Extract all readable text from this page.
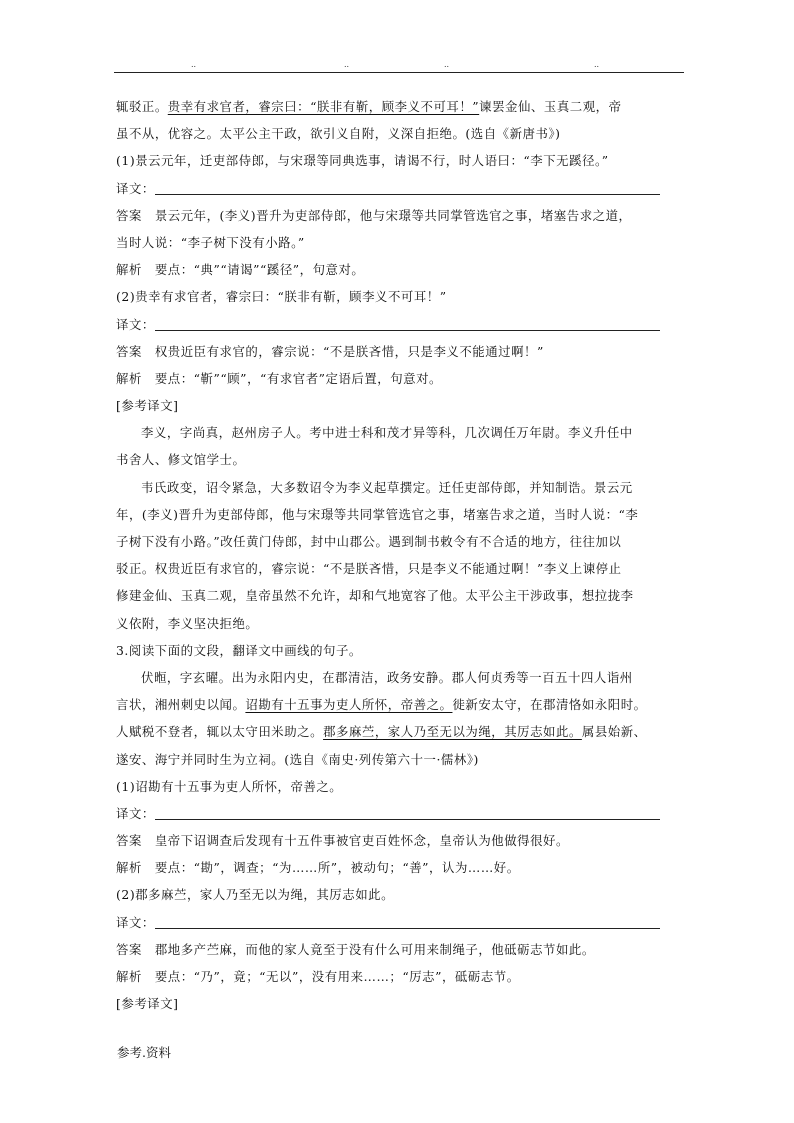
..	..	..	..
辄驳正。贵幸有求官者，睿宗曰：“朕非有靳，顾李义不可耳！”谏罢金仙、玉真二观，帝
虽不从，优容之。太平公主干政，欲引义自附，义深自拒绝。(选自《新唐书》)
(1)景云元年，迁吏部侍郎，与宋璟等同典选事，请谒不行，时人语曰：“李下无蹊径。”
译文：
答案　景云元年，(李义)晋升为吏部侍郎，他与宋璟等共同掌管选官之事，堵塞告求之道，
当时人说：“李子树下没有小路。”
解析　要点：“典”“请谒”“蹊径”，句意对。
(2)贵幸有求官者，睿宗曰：“朕非有靳，顾李义不可耳！”
译文：
答案　权贵近臣有求官的，睿宗说：“不是朕吝惜，只是李义不能通过啊！”
解析　要点：“靳”“顾”，“有求官者”定语后置，句意对。
[参考译文]
李义，字尚真，赵州房子人。考中进士科和茂才异等科，几次调任万年尉。李义升任中
书舍人、修文馆学士。
韦氏政变，诏令紧急，大多数诏令为李义起草撰定。迁任吏部侍郎，并知制诰。景云元
年，(李义)晋升为吏部侍郎，他与宋璟等共同掌管选官之事，堵塞告求之道，当时人说：“李
子树下没有小路。”改任黄门侍郎，封中山郡公。遇到制书敕令有不合适的地方，往往加以
驳正。权贵近臣有求官的，睿宗说：“不是朕吝惜，只是李义不能通过啊！”李义上谏停止
修建金仙、玉真二观，皇帝虽然不允许，却和气地宽容了他。太平公主干涉政事，想拉拢李
义依附，李义坚决拒绝。
3.阅读下面的文段，翻译文中画线的句子。
伏暅，字玄曜。出为永阳内史，在郡清洁，政务安静。郡人何贞秀等一百五十四人诣州
言状，湘州刺史以闻。诏勘有十五事为吏人所怀，帝善之。徙新安太守，在郡清恪如永阳时。
人赋税不登者，辄以太守田米助之。郡多麻苎，家人乃至无以为绳，其厉志如此。属县始新、
遂安、海宁并同时生为立祠。(选自《南史·列传第六十一·儒林》)
(1)诏勘有十五事为吏人所怀，帝善之。
译文：
答案　皇帝下诏调查后发现有十五件事被官吏百姓怀念，皇帝认为他做得很好。
解析　要点：“勘”，调查；“为……所”，被动句；“善”，认为……好。
(2)郡多麻苎，家人乃至无以为绳，其厉志如此。
译文：
答案　郡地多产苎麻，而他的家人竟至于没有什么可用来制绳子，他砥砺志节如此。
解析　要点：“乃”，竟；“无以”，没有用来……；“厉志”，砥砺志节。
[参考译文]
参考.资料
